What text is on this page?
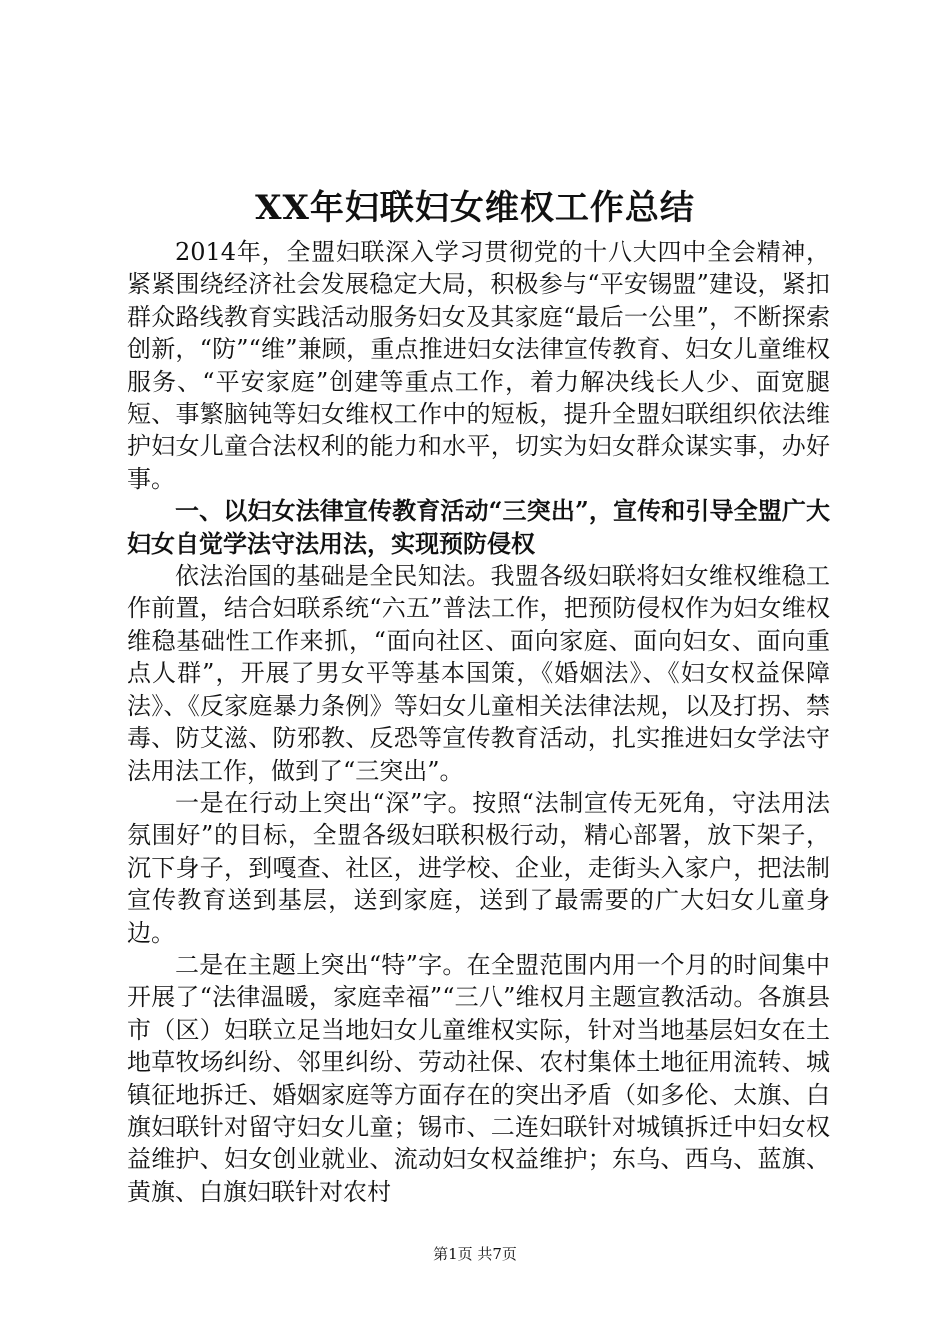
XX年妇联妇女维权工作总结

2014年，全盟妇联深入学习贯彻党的十八大四中全会精神，紧紧围绕经济社会发展稳定大局，积极参与“平安锡盟”建设，紧扣群众路线教育实践活动服务妇女及其家庭“最后一公里”，不断探索创新，“防”“维”兼顾，重点推进妇女法律宣传教育、妇女儿童维权服务、“平安家庭”创建等重点工作，着力解决线长人少、面宽腿短、事繁脑钝等妇女维权工作中的短板，提升全盟妇联组织依法维护妇女儿童合法权利的能力和水平，切实为妇女群众谋实事，办好事。

一、以妇女法律宣传教育活动“三突出”，宣传和引导全盟广大妇女自觉学法守法用法，实现预防侵权

依法治国的基础是全民知法。我盟各级妇联将妇女维权维稳工作前置，结合妇联系统“六五”普法工作，把预防侵权作为妇女维权维稳基础性工作来抓，“面向社区、面向家庭、面向妇女、面向重点人群”，开展了男女平等基本国策，《婚姻法》、《妇女权益保障法》、《反家庭暴力条例》等妇女儿童相关法律法规，以及打拐、禁毒、防艾滋、防邪教、反恐等宣传教育活动，扎实推进妇女学法守法用法工作，做到了“三突出”。

一是在行动上突出“深”字。按照“法制宣传无死角，守法用法氛围好”的目标，全盟各级妇联积极行动，精心部署，放下架子，沉下身子，到嘎查、社区，进学校、企业，走街头入家户，把法制宣传教育送到基层，送到家庭，送到了最需要的广大妇女儿童身边。

二是在主题上突出“特”字。在全盟范围内用一个月的时间集中开展了“法律温暖，家庭幸福”“三八”维权月主题宣教活动。各旗县市（区）妇联立足当地妇女儿童维权实际，针对当地基层妇女在土地草牧场纠纷、邻里纠纷、劳动社保、农村集体土地征用流转、城镇征地拆迁、婚姻家庭等方面存在的突出矛盾（如多伦、太旗、白旗妇联针对留守妇女儿童；锡市、二连妇联针对城镇拆迁中妇女权益维护、妇女创业就业、流动妇女权益维护；东乌、西乌、蓝旗、黄旗、白旗妇联针对农村

第1页 共7页
